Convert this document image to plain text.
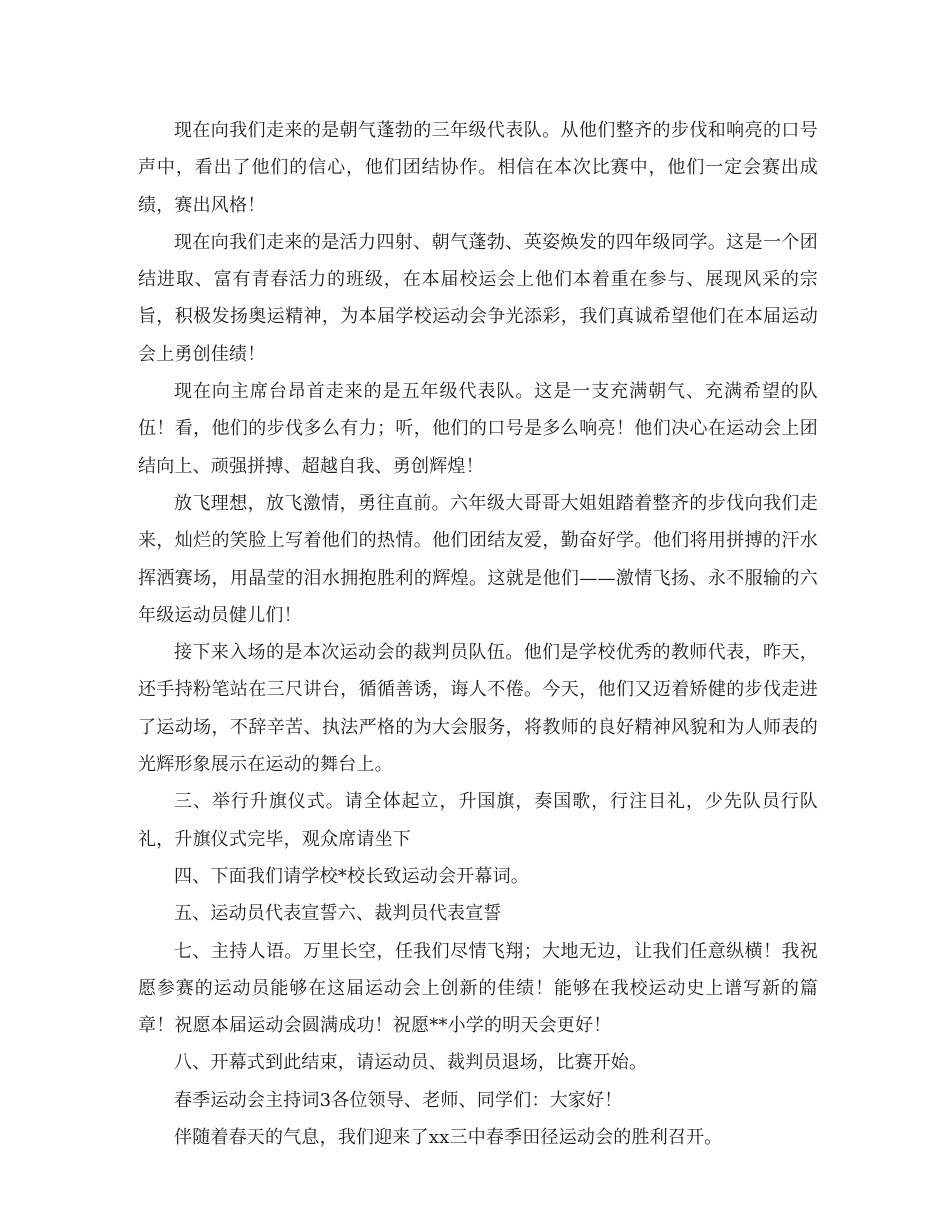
现在向我们走来的是朝气蓬勃的三年级代表队。从他们整齐的步伐和响亮的口号声中，看出了他们的信心，他们团结协作。相信在本次比赛中，他们一定会赛出成绩，赛出风格！

现在向我们走来的是活力四射、朝气蓬勃、英姿焕发的四年级同学。这是一个团结进取、富有青春活力的班级，在本届校运会上他们本着重在参与、展现风采的宗旨，积极发扬奥运精神，为本届学校运动会争光添彩，我们真诚希望他们在本届运动会上勇创佳绩！

现在向主席台昂首走来的是五年级代表队。这是一支充满朝气、充满希望的队伍！看，他们的步伐多么有力；听，他们的口号是多么响亮！他们决心在运动会上团结向上、顽强拼搏、超越自我、勇创辉煌！

放飞理想，放飞激情，勇往直前。六年级大哥哥大姐姐踏着整齐的步伐向我们走来，灿烂的笑脸上写着他们的热情。他们团结友爱，勤奋好学。他们将用拼搏的汗水挥洒赛场，用晶莹的泪水拥抱胜利的辉煌。这就是他们——激情飞扬、永不服输的六年级运动员健儿们！

接下来入场的是本次运动会的裁判员队伍。他们是学校优秀的教师代表，昨天，还手持粉笔站在三尺讲台，循循善诱，诲人不倦。今天，他们又迈着矫健的步伐走进了运动场，不辞辛苦、执法严格的为大会服务，将教师的良好精神风貌和为人师表的光辉形象展示在运动的舞台上。

三、举行升旗仪式。请全体起立，升国旗，奏国歌，行注目礼，少先队员行队礼，升旗仪式完毕，观众席请坐下

四、下面我们请学校*校长致运动会开幕词。

五、运动员代表宣誓六、裁判员代表宣誓

七、主持人语。万里长空，任我们尽情飞翔；大地无边，让我们任意纵横！我祝愿参赛的运动员能够在这届运动会上创新的佳绩！能够在我校运动史上谱写新的篇章！祝愿本届运动会圆满成功！祝愿**小学的明天会更好！

八、开幕式到此结束，请运动员、裁判员退场，比赛开始。

春季运动会主持词3各位领导、老师、同学们：大家好！

伴随着春天的气息，我们迎来了xx三中春季田径运动会的胜利召开。
